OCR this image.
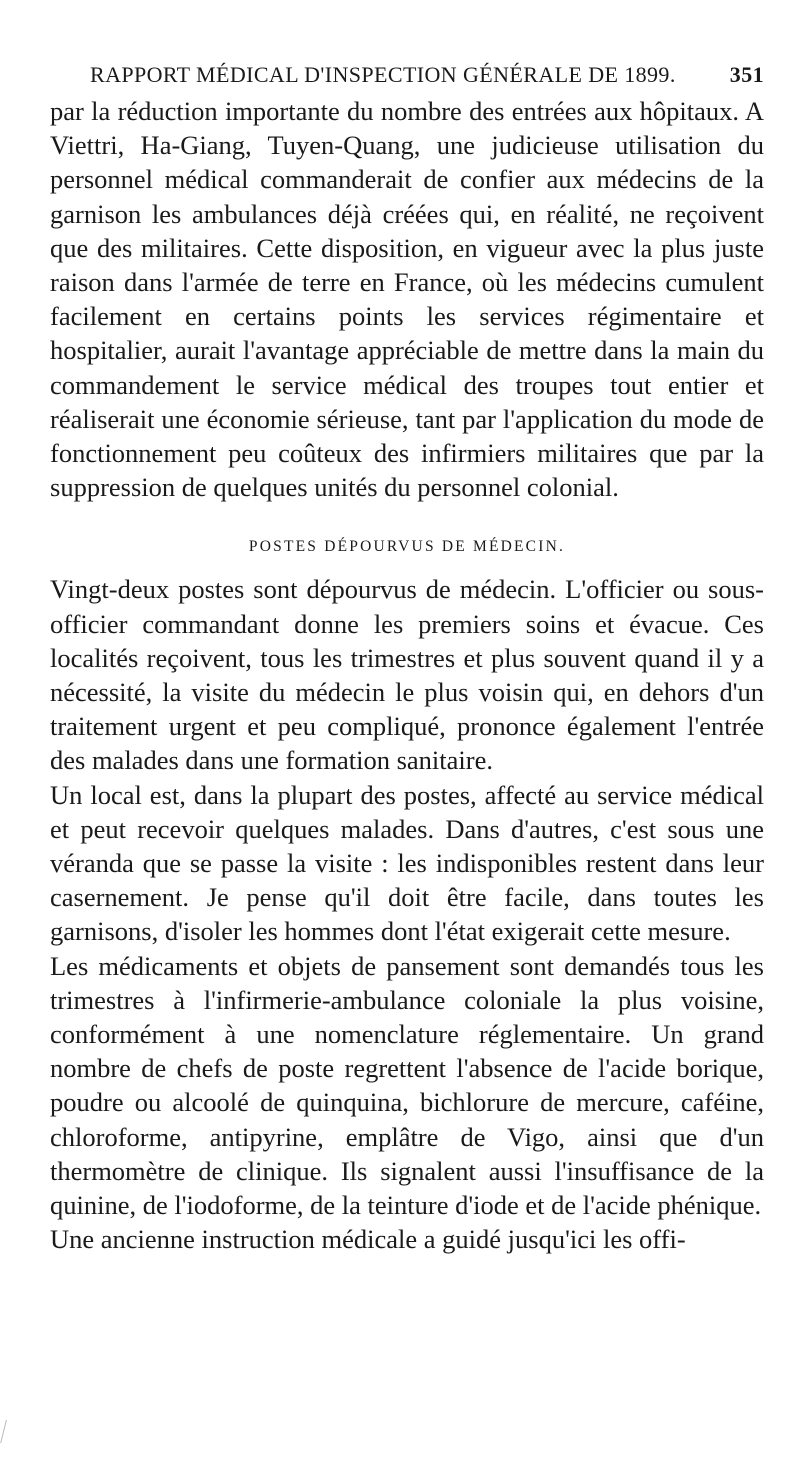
RAPPORT MÉDICAL D'INSPECTION GÉNÉRALE DE 1899. 351

par la réduction importante du nombre des entrées aux hôpitaux. A Viettri, Ha-Giang, Tuyen-Quang, une judicieuse utilisation du personnel médical commanderait de confier aux médecins de la garnison les ambulances déjà créées qui, en réalité, ne reçoivent que des militaires. Cette disposition, en vigueur avec la plus juste raison dans l'armée de terre en France, où les médecins cumulent facilement en certains points les services régimentaire et hospitalier, aurait l'avantage appréciable de mettre dans la main du commandement le service médical des troupes tout entier et réaliserait une économie sérieuse, tant par l'application du mode de fonctionnement peu coûteux des infirmiers militaires que par la suppression de quelques unités du personnel colonial.

POSTES DÉPOURVUS DE MÉDECIN.

Vingt-deux postes sont dépourvus de médecin. L'officier ou sous-officier commandant donne les premiers soins et évacue. Ces localités reçoivent, tous les trimestres et plus souvent quand il y a nécessité, la visite du médecin le plus voisin qui, en dehors d'un traitement urgent et peu compliqué, prononce également l'entrée des malades dans une formation sanitaire.

Un local est, dans la plupart des postes, affecté au service médical et peut recevoir quelques malades. Dans d'autres, c'est sous une véranda que se passe la visite : les indisponibles restent dans leur casernement. Je pense qu'il doit être facile, dans toutes les garnisons, d'isoler les hommes dont l'état exigerait cette mesure.

Les médicaments et objets de pansement sont demandés tous les trimestres à l'infirmerie-ambulance coloniale la plus voisine, conformément à une nomenclature réglementaire. Un grand nombre de chefs de poste regrettent l'absence de l'acide borique, poudre ou alcoolé de quinquina, bichlorure de mercure, caféine, chloroforme, antipyrine, emplâtre de Vigo, ainsi que d'un thermomètre de clinique. Ils signalent aussi l'insuffisance de la quinine, de l'iodoforme, de la teinture d'iode et de l'acide phénique.

Une ancienne instruction médicale a guidé jusqu'ici les offi-
